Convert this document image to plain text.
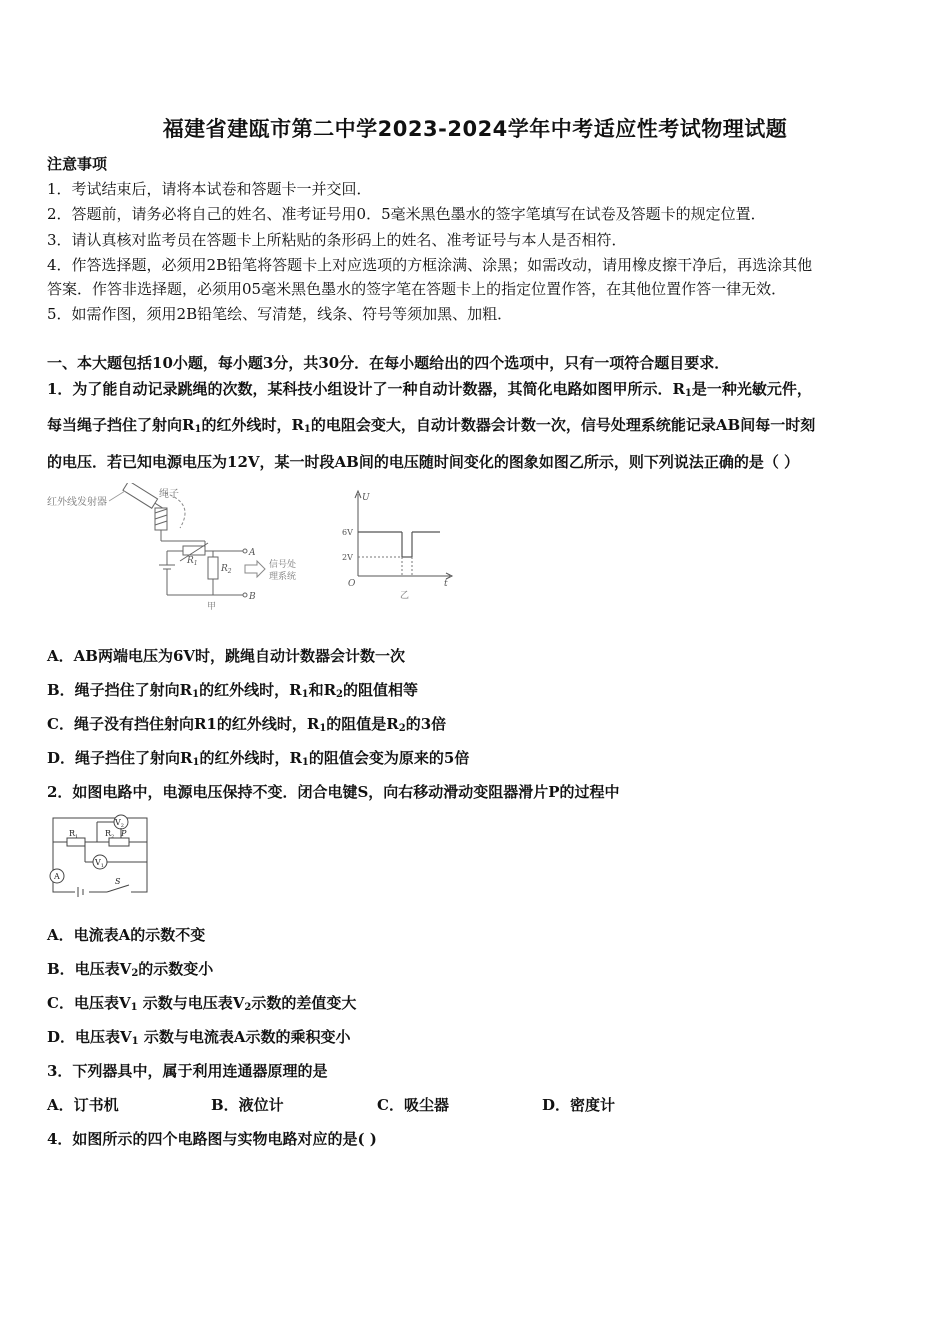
福建省建瓯市第二中学2023-2024学年中考适应性考试物理试题
注意事项
1．考试结束后，请将本试卷和答题卡一并交回．
2．答题前，请务必将自己的姓名、准考证号用0．5毫米黑色墨水的签字笔填写在试卷及答题卡的规定位置．
3．请认真核对监考员在答题卡上所粘贴的条形码上的姓名、准考证号与本人是否相符．
4．作答选择题，必须用2B铅笔将答题卡上对应选项的方框涂满、涂黑；如需改动，请用橡皮擦干净后，再选涂其他
答案．作答非选择题，必须用05毫米黑色墨水的签字笔在答题卡上的指定位置作答，在其他位置作答一律无效．
5．如需作图，须用2B铅笔绘、写清楚，线条、符号等须加黑、加粗．
一、本大题包括10小题，每小题3分，共30分．在每小题给出的四个选项中，只有一项符合题目要求．
1．为了能自动记录跳绳的次数，某科技小组设计了一种自动计数器，其简化电路如图甲所示．$R_1$是一种光敏元件，
每当绳子挡住了射向$R_1$的红外线时，$R_1$的电阻会变大，自动计数器会计数一次，信号处理系统能记录AB间每一时刻
的电压．若已知电源电压为12V，某一时段AB间的电压随时间变化的图象如图乙所示，则下列说法正确的是（ ）
红外线发射器
绳子
$R_1$
$R_2$
A
B
信号处
理系统
甲
U
6V
2V
O	t
乙
A．AB两端电压为6V时，跳绳自动计数器会计数一次
B．绳子挡住了射向$R_1$的红外线时，$R_1$和$R_2$的阻值相等
C．绳子没有挡住射向R1的红外线时，$R_1$的阻值是$R_2$的3倍
D．绳子挡住了射向$R_1$的红外线时，$R_1$的阻值会变为原来的5倍
2．如图电路中，电源电压保持不变．闭合电键S，向右移动滑动变阻器滑片P的过程中
$V_2$
$R_1$	$R_2$ P
$V_1$
A
S
A．电流表A的示数不变
B．电压表$V_2$的示数变小
C．电压表$V_1$ 示数与电压表$V_2$示数的差值变大
D．电压表$V_1$ 示数与电流表A示数的乘积变小
3．下列器具中，属于利用连通器原理的是
A．订书机	B．液位计	C．吸尘器	D．密度计
4．如图所示的四个电路图与实物电路对应的是( )
